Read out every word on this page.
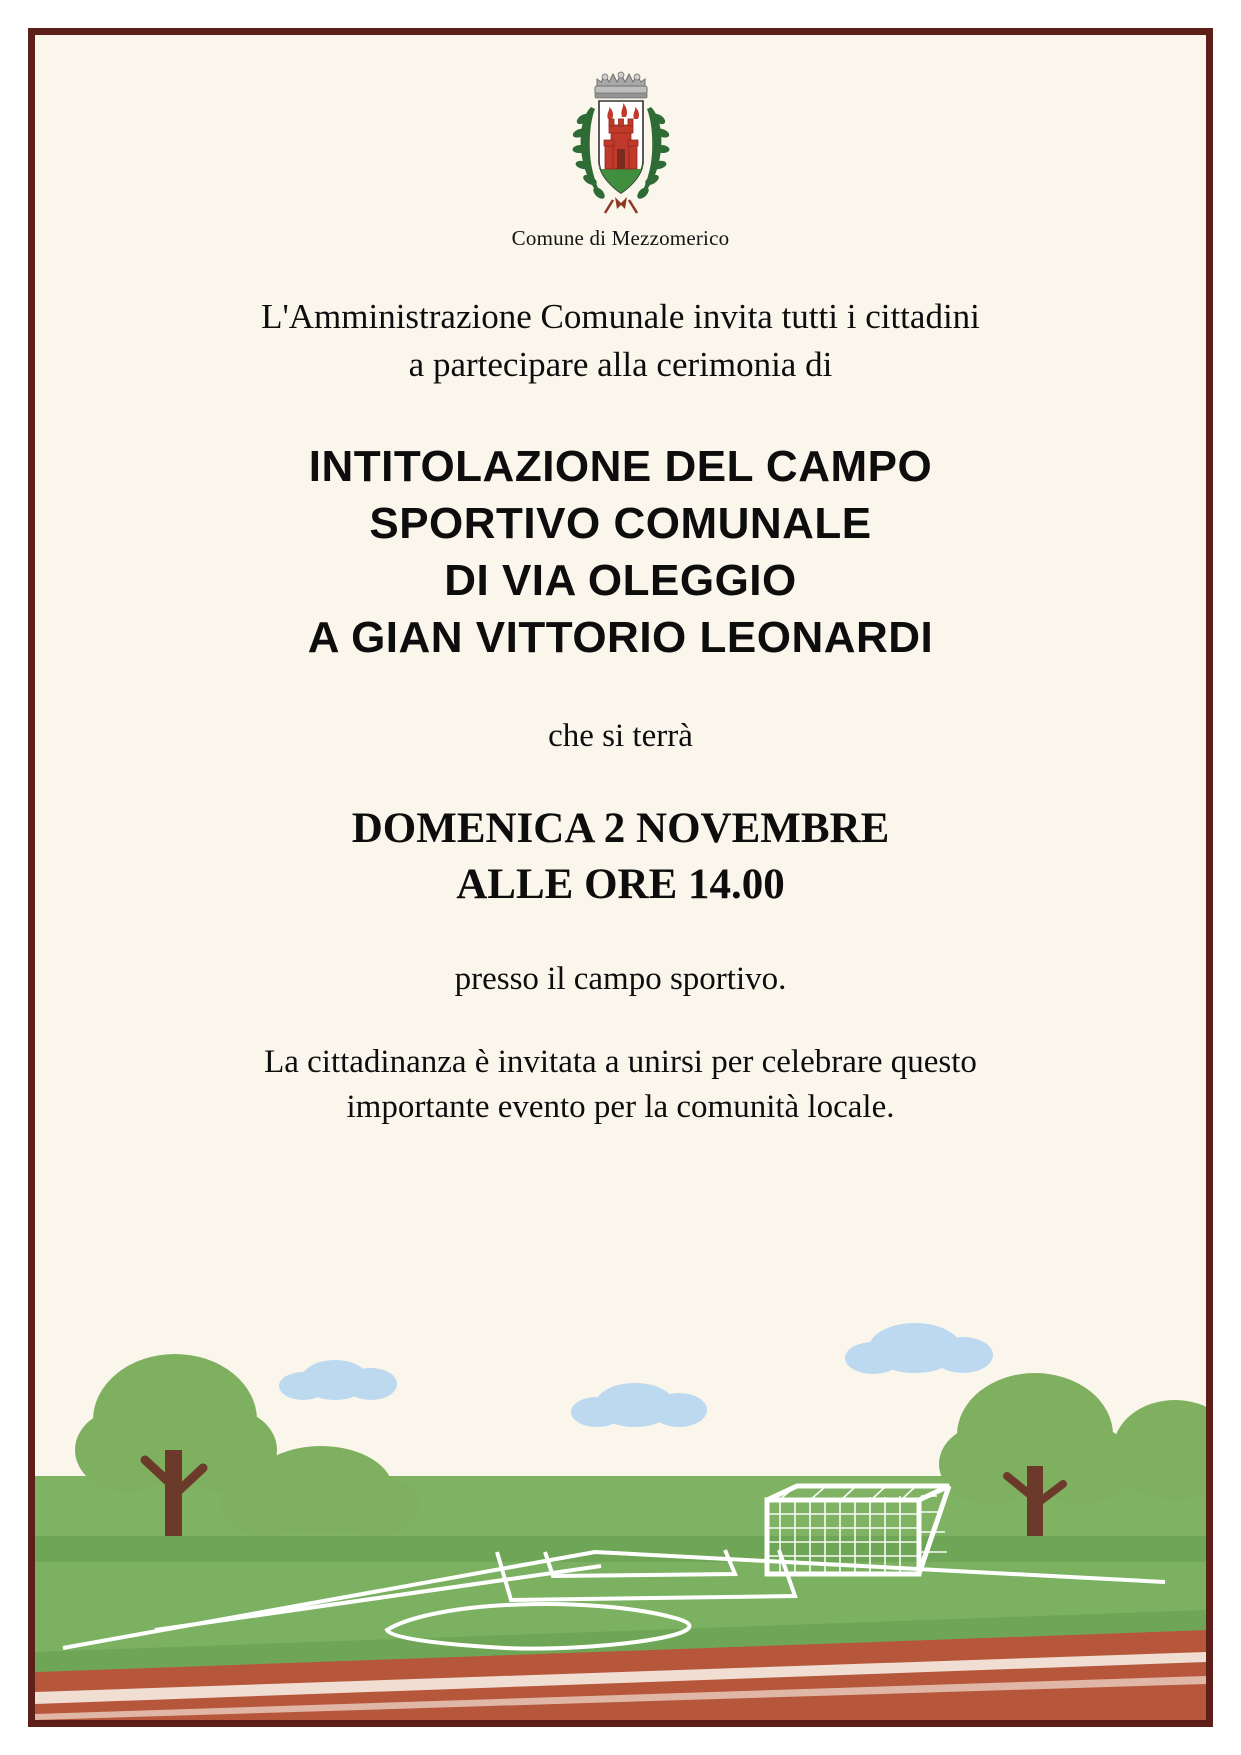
Comune di Mezzomerico
L'Amministrazione Comunale invita tutti i cittadini
a partecipare alla cerimonia di
INTITOLAZIONE DEL CAMPO
SPORTIVO COMUNALE
DI VIA OLEGGIO
A GIAN VITTORIO LEONARDI
che si terrà
DOMENICA 2 NOVEMBRE
ALLE ORE 14.00
presso il campo sportivo.
La cittadinanza è invitata a unirsi per celebrare questo
importante evento per la comunità locale.
